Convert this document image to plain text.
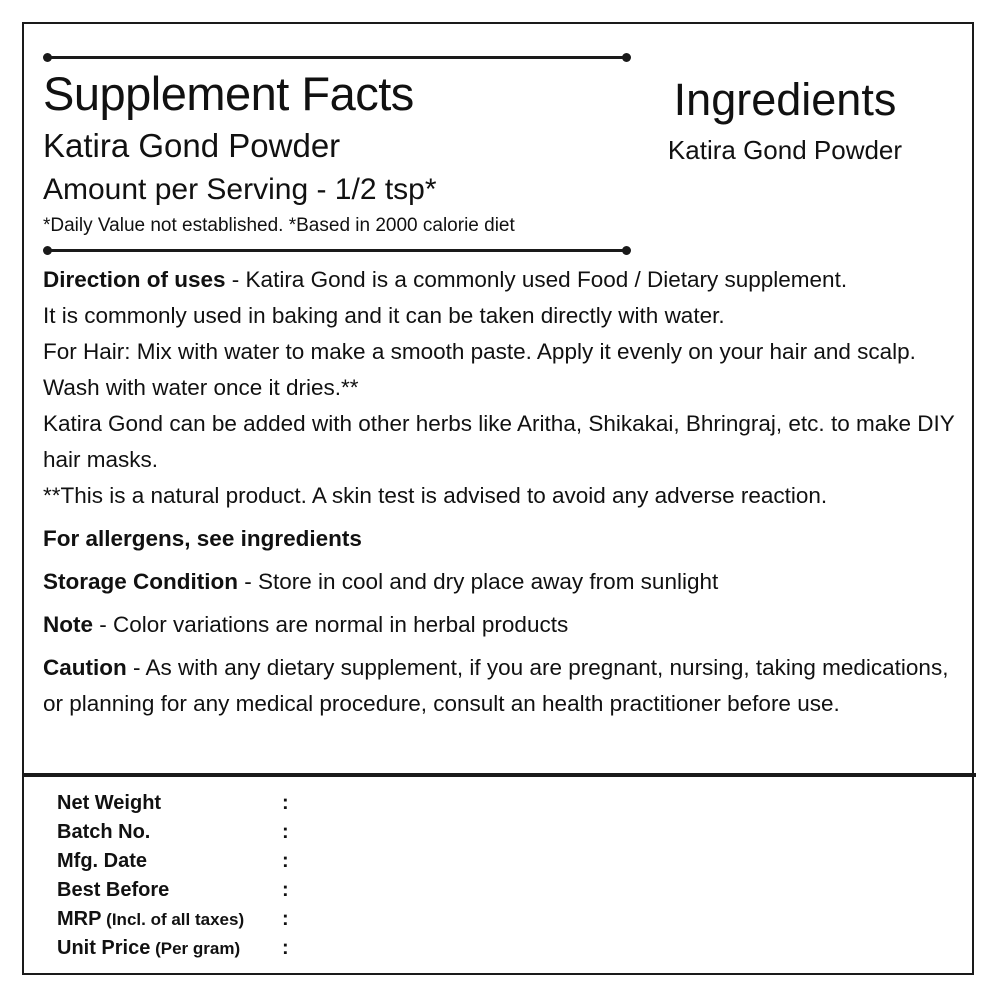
Supplement Facts
Katira Gond Powder
Amount per Serving - 1/2 tsp*
*Daily Value not established. *Based in 2000 calorie diet
Ingredients
Katira Gond Powder

Direction of uses - Katira Gond is a commonly used Food / Dietary supplement.

It is commonly used in baking and it can be taken directly with water.

For Hair: Mix with water to make a smooth paste. Apply it evenly on your hair and scalp. Wash with water once it dries.**

Katira Gond can be added with other herbs like Aritha, Shikakai, Bhringraj, etc. to make DIY hair masks.

**This is a natural product. A skin test is advised to avoid any adverse reaction.

For allergens, see ingredients

Storage Condition - Store in cool and dry place away from sunlight

Note - Color variations are normal in herbal products

Caution - As with any dietary supplement, if you are pregnant, nursing, taking medications, or planning for any medical procedure, consult an health practitioner before use.

Net Weight	:
Batch No.	:
Mfg. Date	:
Best Before	:
MRP (Incl. of all taxes) :
Unit Price (Per gram) :
